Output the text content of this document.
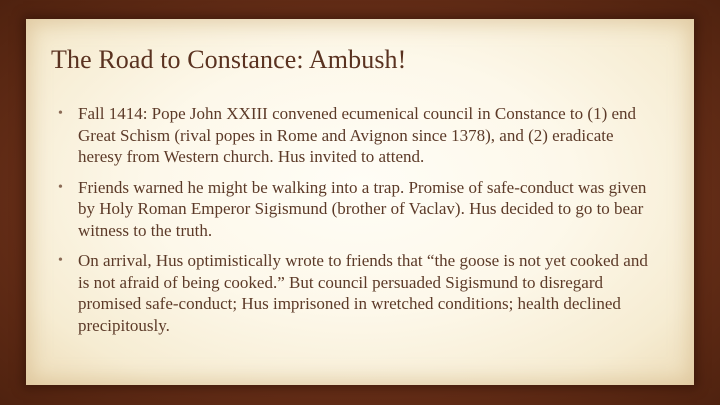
The Road to Constance: Ambush!
• Fall 1414: Pope John XXIII convened ecumenical council in Constance to (1) end Great Schism (rival popes in Rome and Avignon since 1378), and (2) eradicate heresy from Western church. Hus invited to attend.
• Friends warned he might be walking into a trap. Promise of safe-conduct was given by Holy Roman Emperor Sigismund (brother of Vaclav). Hus decided to go to bear witness to the truth.
• On arrival, Hus optimistically wrote to friends that “the goose is not yet cooked and is not afraid of being cooked.” But council persuaded Sigismund to disregard promised safe-conduct; Hus imprisoned in wretched conditions; health declined precipitously.
